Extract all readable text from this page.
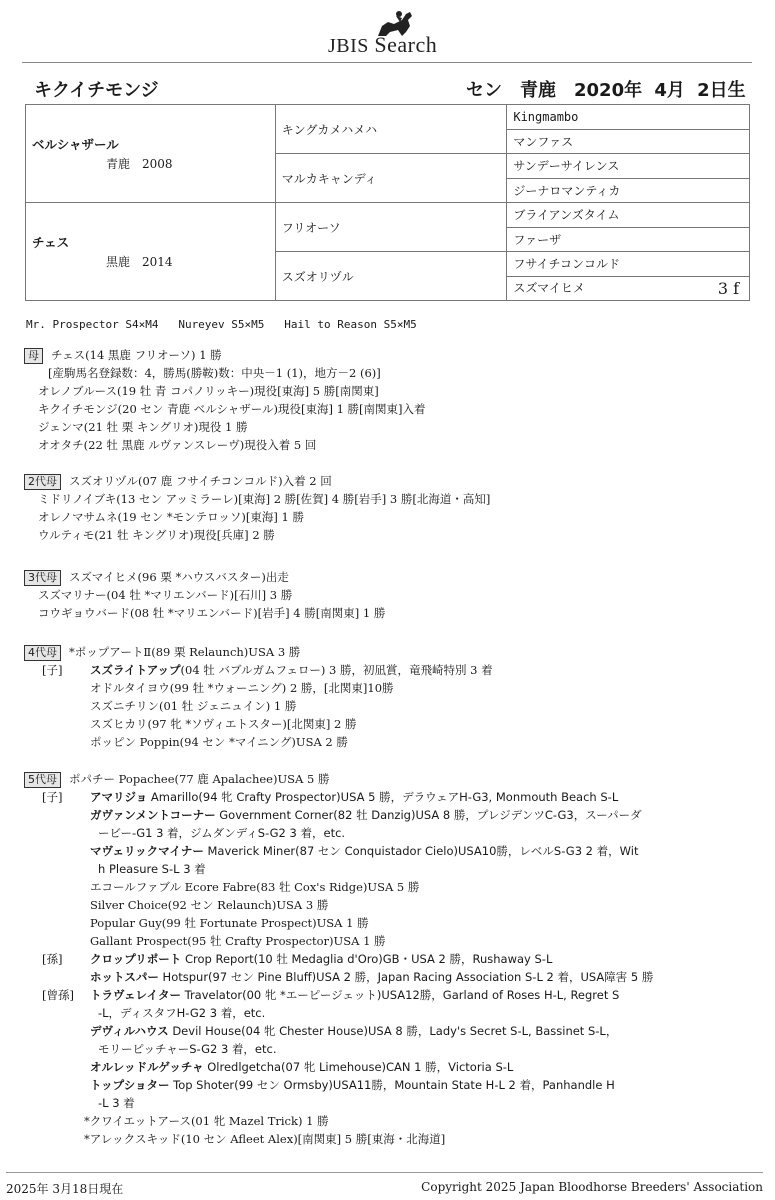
JBIS Search
キクイチモンジ	セン　青鹿　2020年 4月 2日生
ベルシャザール
青鹿　2008	キングカメハメハ	Kingmambo
		マンファス
	マルカキャンディ	サンデーサイレンス
		ジーナロマンティカ

チェス
黒鹿　2014	フリオーソ	ブライアンズタイム
		ファーザ
	スズオリヅル	フサイチコンコルド
		スズマイヒメ 3 f
Mr. Prospector S4×M4   Nureyev S5×M5   Hail to Reason S5×M5
母 チェス(14 黒鹿 フリオーソ) 1 勝
[産駒馬名登録数：4，勝馬(勝鞍)数：中央－1 (1)，地方－2 (6)]
オレノブルース(19 牡 青 コパノリッキー)現役[東海] 5 勝[南関東]
キクイチモンジ(20 セン 青鹿 ベルシャザール)現役[東海] 1 勝[南関東]入着
ジェンマ(21 牡 栗 キングリオ)現役 1 勝
オオタチ(22 牡 黒鹿 ルヴァンスレーヴ)現役入着 5 回
2代母 スズオリヅル(07 鹿 フサイチコンコルド)入着 2 回
ミドリノイブキ(13 セン アッミラーレ)[東海] 2 勝[佐賀] 4 勝[岩手] 3 勝[北海道・高知]
オレノマサムネ(19 セン *モンテロッソ)[東海] 1 勝
ウルティモ(21 牡 キングリオ)現役[兵庫] 2 勝
3代母 スズマイヒメ(96 栗 *ハウスバスター)出走
スズマリナー(04 牡 *マリエンバード)[石川] 3 勝
コウギョウバード(08 牡 *マリエンバード)[岩手] 4 勝[南関東] 1 勝
4代母 *ポップアートⅡ(89 栗 Relaunch)USA 3 勝
[子] スズライトアップ(04 牡 バブルガムフェロー) 3 勝，初凪賞，竜飛崎特別 3 着
オドルタイヨウ(99 牡 *ウォーニング) 2 勝，[北関東]10勝
スズニチリン(01 牡 ジェニュイン) 1 勝
スズヒカリ(97 牝 *ソヴィエトスター)[北関東] 2 勝
ポッピン Poppin(94 セン *マイニング)USA 2 勝
5代母 ポパチー Popachee(77 鹿 Apalachee)USA 5 勝
[子] アマリジョ Amarillo(94 牝 Crafty Prospector)USA 5 勝，デラウェアH-G3, Monmouth Beach S-L
ガヴァンメントコーナー Government Corner(82 牡 Danzig)USA 8 勝，プレジデンツC-G3，スーパーダ
ービー-G1 3 着，ジムダンディS-G2 3 着，etc.
マヴェリックマイナー Maverick Miner(87 セン Conquistador Cielo)USA10勝，レベルS-G3 2 着，Wit
h Pleasure S-L 3 着
エコールファブル Ecore Fabre(83 牡 Cox's Ridge)USA 5 勝
Silver Choice(92 セン Relaunch)USA 3 勝
Popular Guy(99 牡 Fortunate Prospect)USA 1 勝
Gallant Prospect(95 牡 Crafty Prospector)USA 1 勝
[孫] クロップリポート Crop Report(10 牡 Medaglia d'Oro)GB・USA 2 勝，Rushaway S-L
ホットスパー Hotspur(97 セン Pine Bluff)USA 2 勝，Japan Racing Association S-L 2 着，USA障害 5 勝
[曾孫] トラヴェレイター Travelator(00 牝 *エーピージェット)USA12勝，Garland of Roses H-L, Regret S
-L，ディスタフH-G2 3 着，etc.
デヴィルハウス Devil House(04 牝 Chester House)USA 8 勝，Lady's Secret S-L, Bassinet S-L，
モリーピッチャーS-G2 3 着，etc.
オルレッドルゲッチャ Olredlgetcha(07 牝 Limehouse)CAN 1 勝，Victoria S-L
トップショター Top Shoter(99 セン Ormsby)USA11勝，Mountain State H-L 2 着，Panhandle H
-L 3 着
*クワイエットアース(01 牝 Mazel Trick) 1 勝
*アレックスキッド(10 セン Afleet Alex)[南関東] 5 勝[東海・北海道]
2025年 3月18日現在	Copyright 2025 Japan Bloodhorse Breeders' Association
